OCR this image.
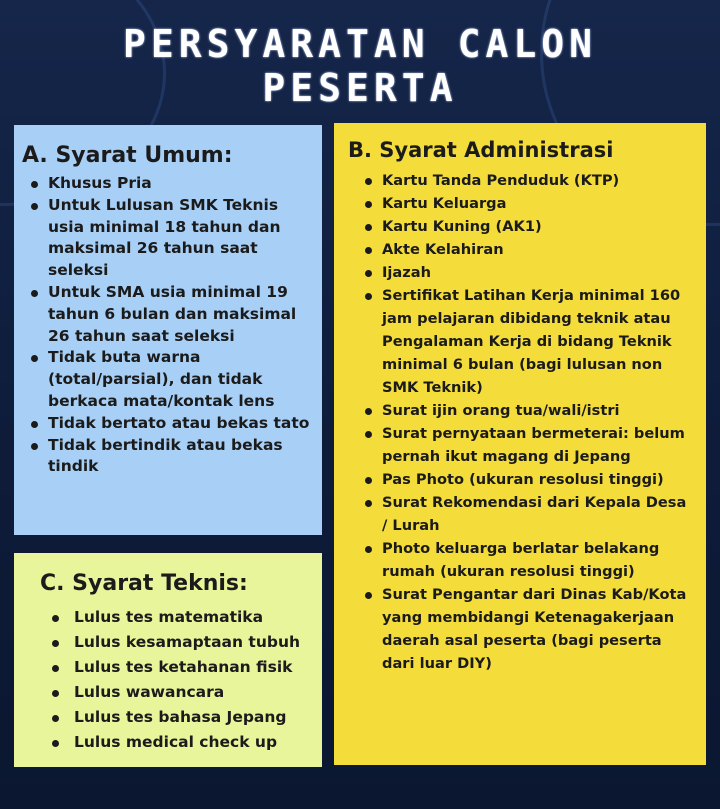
PERSYARATAN CALON
PESERTA
A. Syarat Umum:
Khusus Pria
Untuk Lulusan SMK Teknis usia minimal 18 tahun dan maksimal 26 tahun saat seleksi
Untuk SMA usia minimal 19 tahun 6 bulan dan maksimal 26 tahun saat seleksi
Tidak buta warna (total/parsial), dan tidak berkaca mata/kontak lens
Tidak bertato atau bekas tato
Tidak bertindik atau bekas tindik
B. Syarat Administrasi
Kartu Tanda Penduduk (KTP)
Kartu Keluarga
Kartu Kuning (AK1)
Akte Kelahiran
Ijazah
Sertifikat Latihan Kerja minimal 160 jam pelajaran dibidang teknik atau Pengalaman Kerja di bidang Teknik minimal 6 bulan (bagi lulusan non SMK Teknik)
Surat ijin orang tua/wali/istri
Surat pernyataan bermeterai: belum pernah ikut magang di Jepang
Pas Photo (ukuran resolusi tinggi)
Surat Rekomendasi dari Kepala Desa / Lurah
Photo keluarga berlatar belakang rumah (ukuran resolusi tinggi)
Surat Pengantar dari Dinas Kab/Kota yang membidangi Ketenagakerjaan daerah asal peserta (bagi peserta dari luar DIY)
C. Syarat Teknis:
Lulus tes matematika
Lulus kesamaptaan tubuh
Lulus tes ketahanan fisik
Lulus wawancara
Lulus tes bahasa Jepang
Lulus medical check up
